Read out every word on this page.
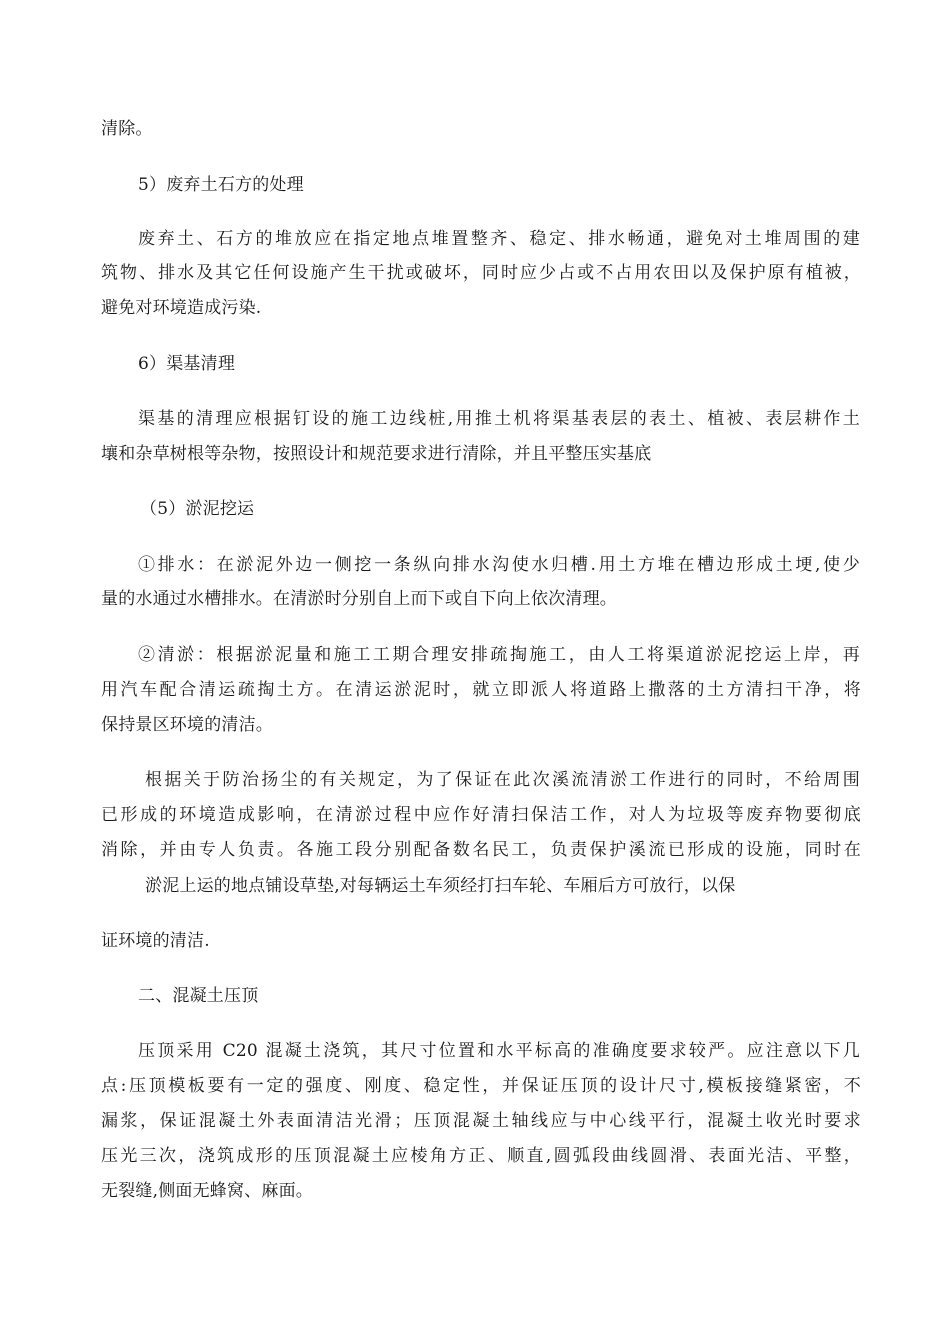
清除。
5）废弃土石方的处理
废弃土、石方的堆放应在指定地点堆置整齐、稳定、排水畅通，避免对土堆周围的建
筑物、排水及其它任何设施产生干扰或破坏，同时应少占或不占用农田以及保护原有植被，
避免对环境造成污染.
6）渠基清理
渠基的清理应根据钉设的施工边线桩,用推土机将渠基表层的表土、植被、表层耕作土
壤和杂草树根等杂物，按照设计和规范要求进行清除，并且平整压实基底
（5）淤泥挖运
①排水：在淤泥外边一侧挖一条纵向排水沟使水归槽.用土方堆在槽边形成土埂,使少
量的水通过水槽排水。在清淤时分别自上而下或自下向上依次清理。
②清淤：根据淤泥量和施工工期合理安排疏掏施工，由人工将渠道淤泥挖运上岸，再
用汽车配合清运疏掏土方。在清运淤泥时，就立即派人将道路上撒落的土方清扫干净，将
保持景区环境的清洁。
根据关于防治扬尘的有关规定，为了保证在此次溪流清淤工作进行的同时，不给周围
已形成的环境造成影响，在清淤过程中应作好清扫保洁工作，对人为垃圾等废弃物要彻底
消除，并由专人负责。各施工段分别配备数名民工，负责保护溪流已形成的设施，同时在
淤泥上运的地点铺设草垫,对每辆运土车须经打扫车轮、车厢后方可放行，以保
证环境的清洁.
二、混凝土压顶
压顶采用 C20 混凝土浇筑，其尺寸位置和水平标高的准确度要求较严。应注意以下几
点:压顶模板要有一定的强度、刚度、稳定性，并保证压顶的设计尺寸,模板接缝紧密，不
漏浆，保证混凝土外表面清洁光滑；压顶混凝土轴线应与中心线平行，混凝土收光时要求
压光三次，浇筑成形的压顶混凝土应棱角方正、顺直,圆弧段曲线圆滑、表面光洁、平整，
无裂缝,侧面无蜂窝、麻面。
